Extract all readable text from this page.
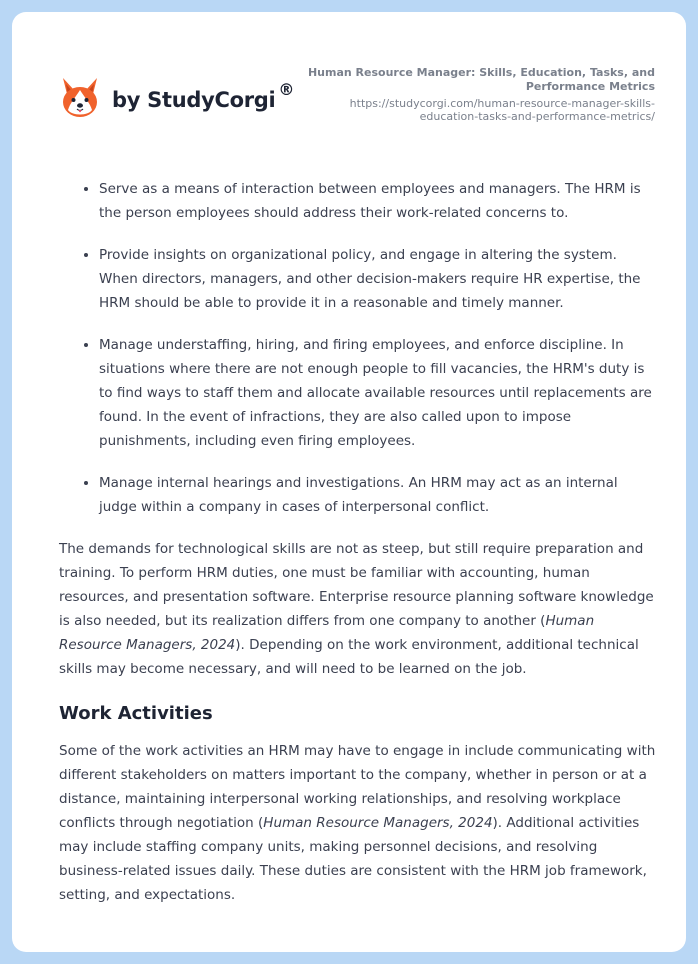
by StudyCorgi ®
Human Resource Manager: Skills, Education, Tasks, and Performance Metrics
https://studycorgi.com/human-resource-manager-skills-education-tasks-and-performance-metrics/
• Serve as a means of interaction between employees and managers. The HRM is the person employees should address their work-related concerns to.
• Provide insights on organizational policy, and engage in altering the system. When directors, managers, and other decision-makers require HR expertise, the HRM should be able to provide it in a reasonable and timely manner.
• Manage understaffing, hiring, and firing employees, and enforce discipline. In situations where there are not enough people to fill vacancies, the HRM's duty is to find ways to staff them and allocate available resources until replacements are found. In the event of infractions, they are also called upon to impose punishments, including even firing employees.
• Manage internal hearings and investigations. An HRM may act as an internal judge within a company in cases of interpersonal conflict.

The demands for technological skills are not as steep, but still require preparation and training. To perform HRM duties, one must be familiar with accounting, human resources, and presentation software. Enterprise resource planning software knowledge is also needed, but its realization differs from one company to another (Human Resource Managers, 2024). Depending on the work environment, additional technical skills may become necessary, and will need to be learned on the job.

Work Activities

Some of the work activities an HRM may have to engage in include communicating with different stakeholders on matters important to the company, whether in person or at a distance, maintaining interpersonal working relationships, and resolving workplace conflicts through negotiation (Human Resource Managers, 2024). Additional activities may include staffing company units, making personnel decisions, and resolving business-related issues daily. These duties are consistent with the HRM job framework, setting, and expectations.
